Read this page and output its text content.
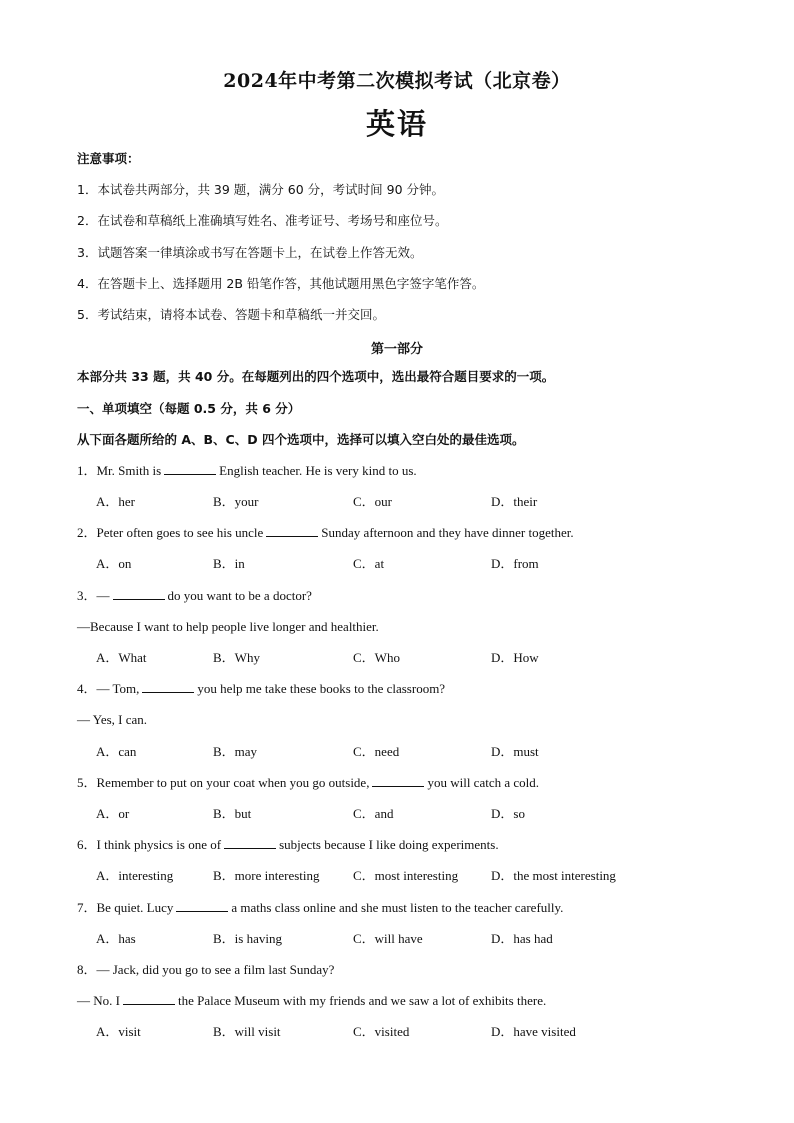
2024年中考第二次模拟考试（北京卷）
英语
注意事项：
1．本试卷共两部分，共 39 题，满分 60 分，考试时间 90 分钟。
2．在试卷和草稿纸上准确填写姓名、准考证号、考场号和座位号。
3．试题答案一律填涂或书写在答题卡上，在试卷上作答无效。
4．在答题卡上、选择题用 2B 铅笔作答，其他试题用黑色字签字笔作答。
5．考试结束，请将本试卷、答题卡和草稿纸一并交回。
第一部分
本部分共 33 题，共 40 分。在每题列出的四个选项中，选出最符合题目要求的一项。
一、单项填空（每题 0.5 分，共 6 分）
从下面各题所给的 A、B、C、D 四个选项中，选择可以填入空白处的最佳选项。
1．Mr. Smith is	English teacher. He is very kind to us.
A．her	B．your	C．our	D．their
2．Peter often goes to see his uncle	Sunday afternoon and they have dinner together.
A．on	B．in	C．at	D．from
3．—	do you want to be a doctor?
—Because I want to help people live longer and healthier.
A．What	B．Why	C．Who	D．How
4．— Tom,	you help me take these books to the classroom?
— Yes, I can.
A．can	B．may	C．need	D．must
5．Remember to put on your coat when you go outside,	you will catch a cold.
A．or	B．but	C．and	D．so
6．I think physics is one of	subjects because I like doing experiments.
A．interesting	B．more interesting	C．most interesting	D．the most interesting
7．Be quiet. Lucy	a maths class online and she must listen to the teacher carefully.
A．has	B．is having	C．will have	D．has had
8．— Jack, did you go to see a film last Sunday?
— No. I	the Palace Museum with my friends and we saw a lot of exhibits there.
A．visit	B．will visit	C．visited	D．have visited
